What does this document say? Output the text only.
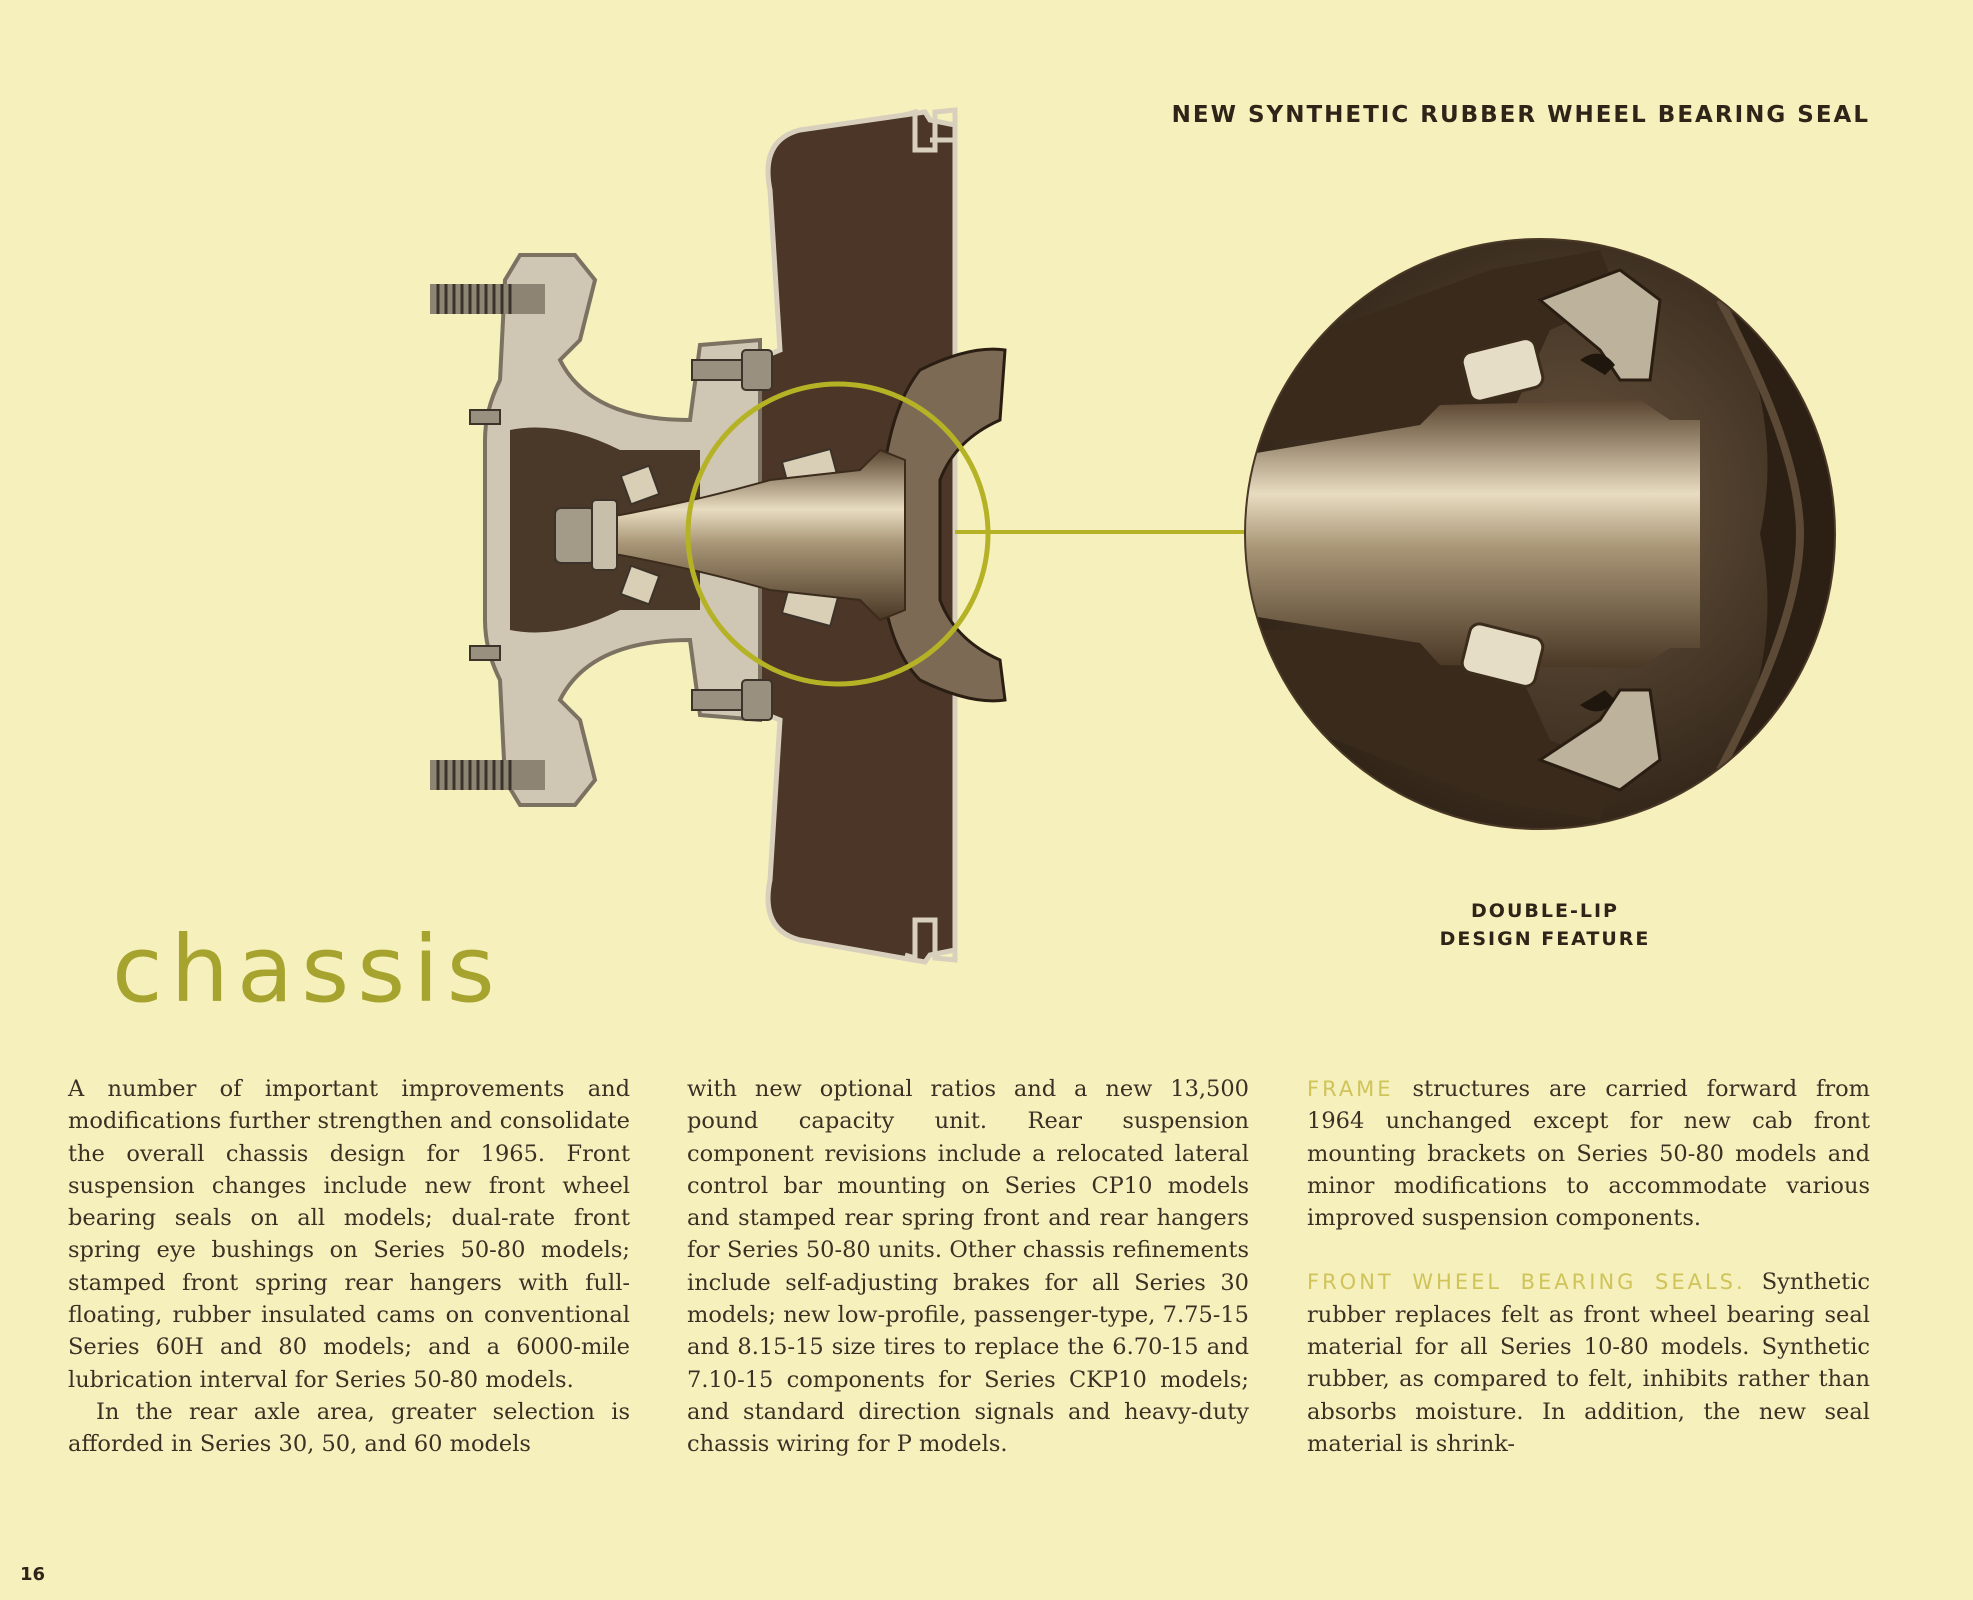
NEW SYNTHETIC RUBBER WHEEL BEARING SEAL
DOUBLE-LIP
DESIGN FEATURE
chassis

A number of important improvements and modifications further strengthen and consolidate the overall chassis design for 1965. Front suspension changes include new front wheel bearing seals on all models; dual-rate front spring eye bushings on Series 50-80 models; stamped front spring rear hangers with full-floating, rubber insulated cams on conventional Series 60H and 80 models; and a 6000-mile lubrication interval for Series 50-80 models.

In the rear axle area, greater selection is afforded in Series 30, 50, and 60 models

with new optional ratios and a new 13,500 pound capacity unit. Rear suspension component revisions include a relocated lateral control bar mounting on Series CP10 models and stamped rear spring front and rear hangers for Series 50-80 units. Other chassis refinements include self-adjusting brakes for all Series 30 models; new low-profile, passenger-type, 7.75-15 and 8.15-15 size tires to replace the 6.70-15 and 7.10-15 components for Series CKP10 models; and standard direction signals and heavy-duty chassis wiring for P models.

FRAME structures are carried forward from 1964 unchanged except for new cab front mounting brackets on Series 50-80 models and minor modifications to accommodate various improved suspension components.

FRONT WHEEL BEARING SEALS. Synthetic rubber replaces felt as front wheel bearing seal material for all Series 10-80 models. Synthetic rubber, as compared to felt, inhibits rather than absorbs moisture. In addition, the new seal material is shrink-

16
